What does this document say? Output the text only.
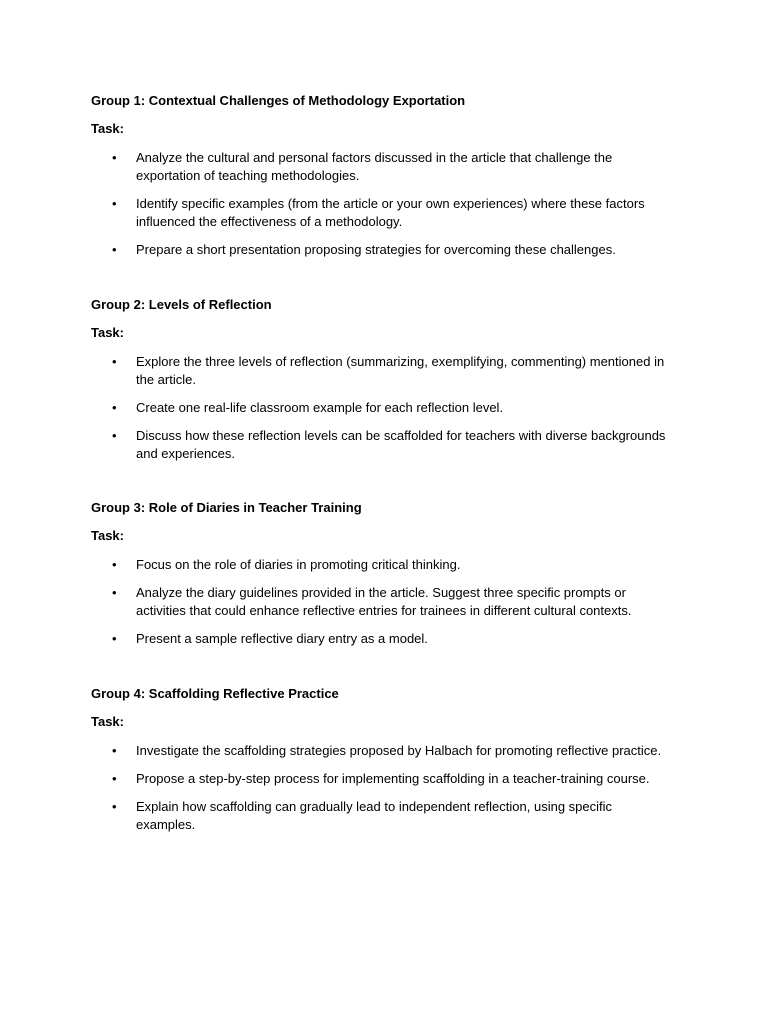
Group 1: Contextual Challenges of Methodology Exportation

Task:

• Analyze the cultural and personal factors discussed in the article that challenge the exportation of teaching methodologies.
• Identify specific examples (from the article or your own experiences) where these factors influenced the effectiveness of a methodology.
• Prepare a short presentation proposing strategies for overcoming these challenges.

Group 2: Levels of Reflection

Task:

• Explore the three levels of reflection (summarizing, exemplifying, commenting) mentioned in the article.
• Create one real-life classroom example for each reflection level.
• Discuss how these reflection levels can be scaffolded for teachers with diverse backgrounds and experiences.

Group 3: Role of Diaries in Teacher Training

Task:

• Focus on the role of diaries in promoting critical thinking.
• Analyze the diary guidelines provided in the article. Suggest three specific prompts or activities that could enhance reflective entries for trainees in different cultural contexts.
• Present a sample reflective diary entry as a model.

Group 4: Scaffolding Reflective Practice

Task:

• Investigate the scaffolding strategies proposed by Halbach for promoting reflective practice.
• Propose a step-by-step process for implementing scaffolding in a teacher-training course.
• Explain how scaffolding can gradually lead to independent reflection, using specific examples.
